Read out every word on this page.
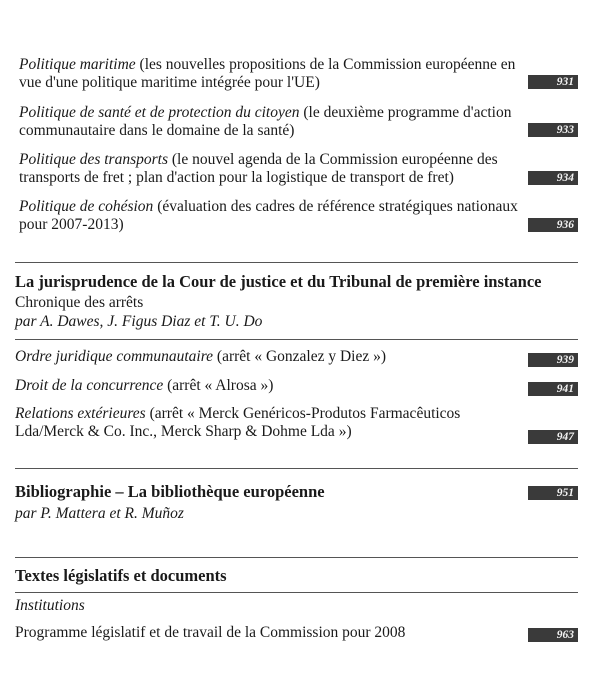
Politique maritime (les nouvelles propositions de la Commission européenne en vue d'une politique maritime intégrée pour l'UE)	931
Politique de santé et de protection du citoyen (le deuxième programme d'action communautaire dans le domaine de la santé)	933
Politique des transports (le nouvel agenda de la Commission européenne des transports de fret ; plan d'action pour la logistique de transport de fret)	934
Politique de cohésion (évaluation des cadres de référence stratégiques nationaux pour 2007-2013)	936
La jurisprudence de la Cour de justice et du Tribunal de première instance
Chronique des arrêts
par A. Dawes, J. Figus Diaz et T. U. Do
Ordre juridique communautaire (arrêt « Gonzalez y Diez »)	939
Droit de la concurrence (arrêt « Alrosa »)	941
Relations extérieures (arrêt « Merck Genéricos-Produtos Farmacêuticos Lda/Merck & Co. Inc., Merck Sharp & Dohme Lda »)	947
Bibliographie – La bibliothèque européenne	951
par P. Mattera et R. Muñoz
Textes législatifs et documents
Institutions
Programme législatif et de travail de la Commission pour 2008	963
